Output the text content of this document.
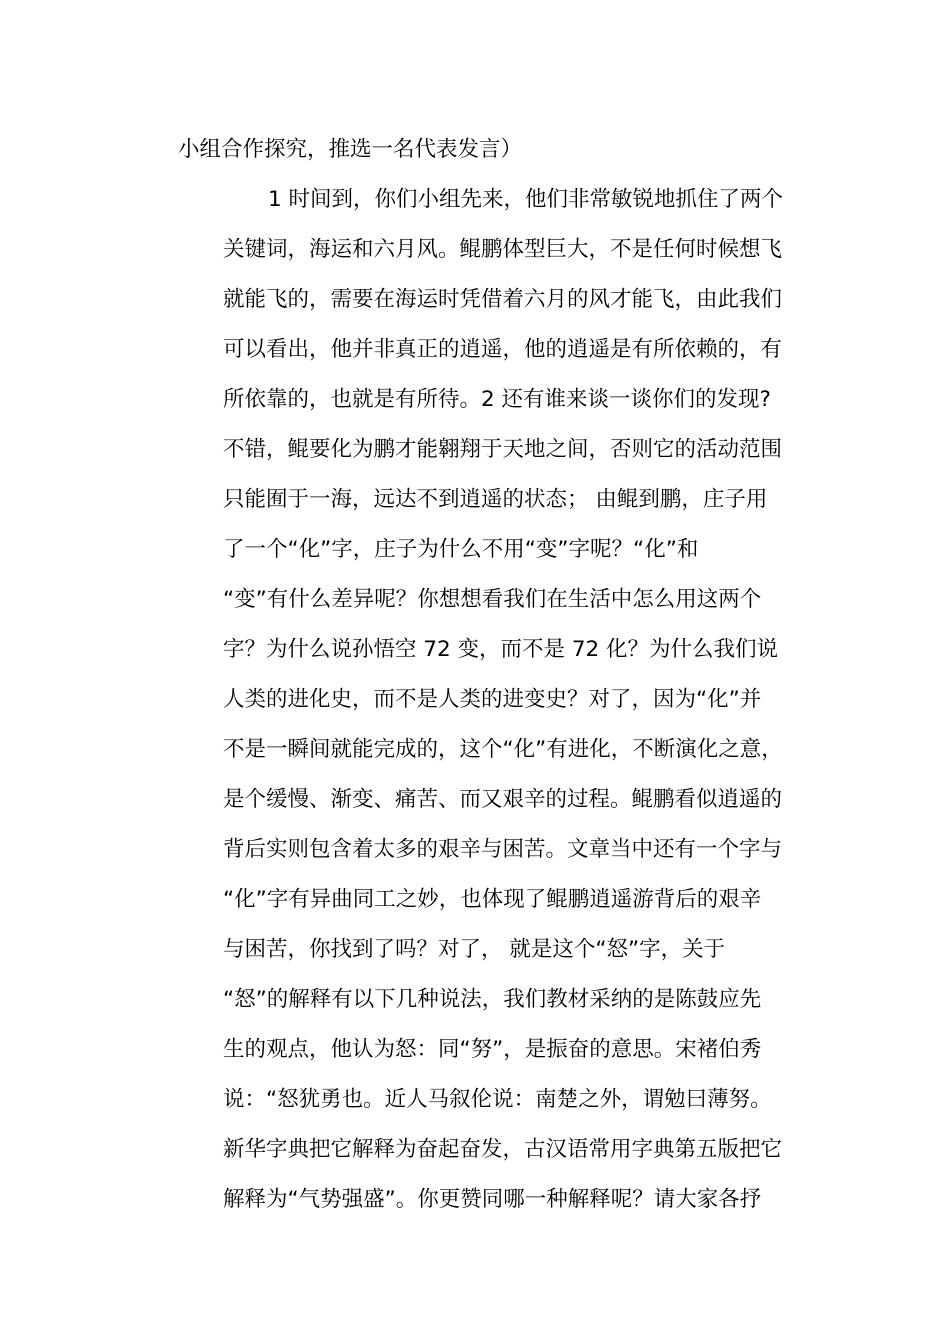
小组合作探究，推选一名代表发言）
1 时间到，你们小组先来，他们非常敏锐地抓住了两个
关键词，海运和六月风。鲲鹏体型巨大，不是任何时候想飞
就能飞的，需要在海运时凭借着六月的风才能飞，由此我们
可以看出，他并非真正的逍遥，他的逍遥是有所依赖的，有
所依靠的，也就是有所待。2 还有谁来谈一谈你们的发现?
不错，鲲要化为鹏才能翱翔于天地之间，否则它的活动范围
只能囿于一海，远达不到逍遥的状态； 由鲲到鹏，庄子用
了一个“化”字，庄子为什么不用“变”字呢？“化”和
“变”有什么差异呢？你想想看我们在生活中怎么用这两个
字？为什么说孙悟空 72 变，而不是 72 化？为什么我们说
人类的进化史，而不是人类的进变史？对了，因为“化”并
不是一瞬间就能完成的，这个“化”有进化，不断演化之意，
是个缓慢、渐变、痛苦、而又艰辛的过程。鲲鹏看似逍遥的
背后实则包含着太多的艰辛与困苦。文章当中还有一个字与
“化”字有异曲同工之妙，也体现了鲲鹏逍遥游背后的艰辛
与困苦，你找到了吗？对了， 就是这个“怒”字，关于
“怒”的解释有以下几种说法，我们教材采纳的是陈鼓应先
生的观点，他认为怒：同“努”，是振奋的意思。宋褚伯秀
说：“怒犹勇也。近人马叙伦说：南楚之外，谓勉曰薄努。
新华字典把它解释为奋起奋发，古汉语常用字典第五版把它
解释为“气势强盛”。你更赞同哪一种解释呢？请大家各抒
